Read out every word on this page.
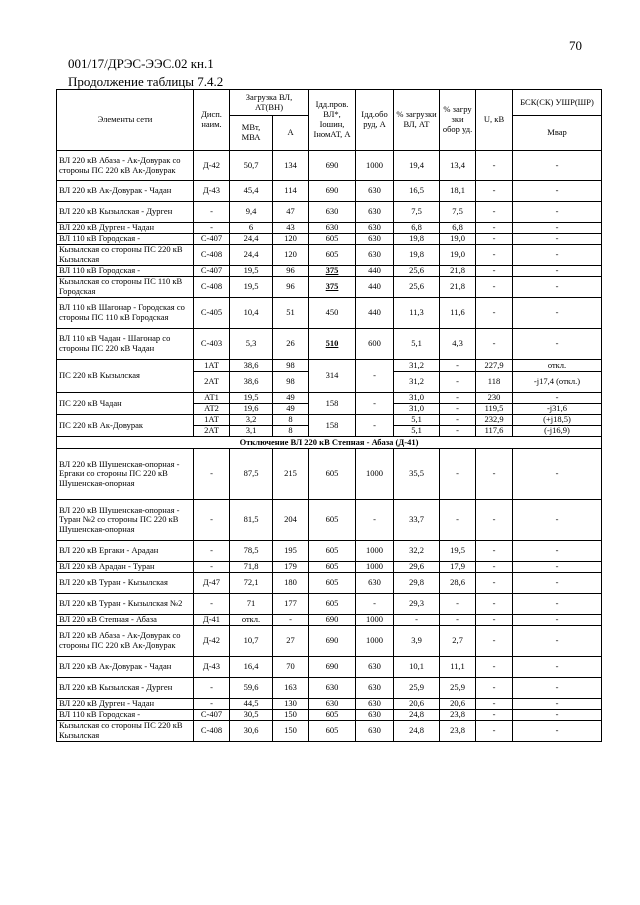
70
001/17/ДРЭС-ЭЭС.02 кн.1
Продолжение таблицы 7.4.2
Элементы сети	Дисп. наим.	Загрузка ВЛ, АТ(ВН)		Iдд.пров. ВЛ*, Iошин, IномАТ, А	Iдд.обо руд, А	% загрузки ВЛ, АТ	% загру зки обор уд.	U, кВ	БСК(СК) УШР(ШР)
		МВт, МВА	А						Мвар
ВЛ 220 кВ Абаза - Ак-Довурак со стороны ПС 220 кВ Ак-Довурак	Д-42	50,7	134	690	1000	19,4	13,4	-	-
ВЛ 220 кВ Ак-Довурак - Чадан	Д-43	45,4	114	690	630	16,5	18,1	-	-
ВЛ 220 кВ Кызылская - Дурген	-	9,4	47	630	630	7,5	7,5	-	-
ВЛ 220 кВ Дурген - Чадан	-	6	43	630	630	6,8	6,8	-	-
ВЛ 110 кВ Городская -	С-407	24,4	120	605	630	19,8	19,0	-	-
Кызылская со стороны ПС 220 кВ Кызылская	С-408	24,4	120	605	630	19,8	19,0	-	-
ВЛ 110 кВ Городская -	С-407	19,5	96	375	440	25,6	21,8	-	-
Кызылская со стороны ПС 110 кВ Городская	С-408	19,5	96	375	440	25,6	21,8	-	-
ВЛ 110 кВ Шагонар - Городская со стороны ПС 110 кВ Городская	С-405	10,4	51	450	440	11,3	11,6	-	-
ВЛ 110 кВ Чадан - Шагонар со стороны ПС 220 кВ Чадан	С-403	5,3	26	510	600	5,1	4,3	-	-
ПС 220 кВ Кызылская	1АТ	38,6	98	314	-	31,2	-	227,9	откл.
	2АТ	38,6	98			31,2	-	118	-j17,4 (откл.)
ПС 220 кВ Чадан	АТ1	19,5	49	158	-	31,0	-	230	-
	АТ2	19,6	49			31,0	-	119,5	-j31,6
ПС 220 кВ Ак-Довурак	1АТ	3,2	8	158	-	5,1	-	232,9	(+j18,5)
	2АТ	3,1	8			5,1	-	117,6	(-j16,9)
Отключение ВЛ 220 кВ Степная - Абаза (Д-41)									
ВЛ 220 кВ Шушенская-опорная - Ергаки со стороны ПС 220 кВ Шушенская-опорная	-	87,5	215	605	1000	35,5	-	-	-
ВЛ 220 кВ Шушенская-опорная - Туран №2 со стороны ПС 220 кВ Шушенская-опорная	-	81,5	204	605	-	33,7	-	-	-
ВЛ 220 кВ Ергаки - Арадан	-	78,5	195	605	1000	32,2	19,5	-	-
ВЛ 220 кВ Арадан - Туран	-	71,8	179	605	1000	29,6	17,9	-	-
ВЛ 220 кВ Туран - Кызылская	Д-47	72,1	180	605	630	29,8	28,6	-	-
ВЛ 220 кВ Туран - Кызылская №2	-	71	177	605	-	29,3	-	-	-
ВЛ 220 кВ Степная - Абаза	Д-41	откл.	-	690	1000	-	-	-	-
ВЛ 220 кВ Абаза - Ак-Довурак со стороны ПС 220 кВ Ак-Довурак	Д-42	10,7	27	690	1000	3,9	2,7	-	-
ВЛ 220 кВ Ак-Довурак - Чадан	Д-43	16,4	70	690	630	10,1	11,1	-	-
ВЛ 220 кВ Кызылская - Дурген	-	59,6	163	630	630	25,9	25,9	-	-
ВЛ 220 кВ Дурген - Чадан	-	44,5	130	630	630	20,6	20,6	-	-
ВЛ 110 кВ Городская -	С-407	30,5	150	605	630	24,8	23,8	-	-
Кызылская со стороны ПС 220 кВ Кызылская	С-408	30,6	150	605	630	24,8	23,8	-	-
